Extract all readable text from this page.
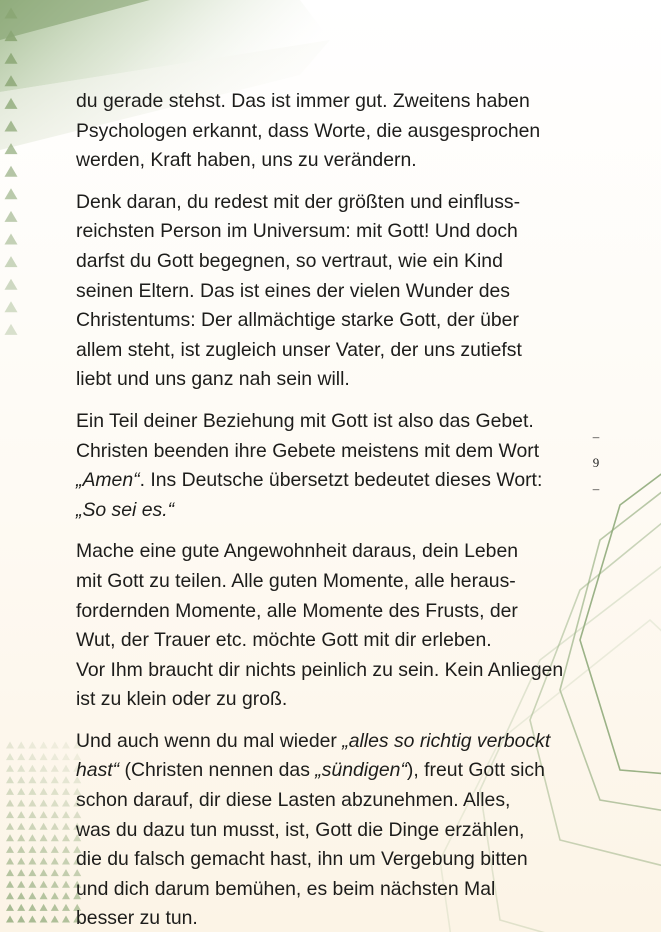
du gerade stehst. Das ist immer gut. Zweitens haben
Psychologen erkannt, dass Worte, die ausgesprochen
werden, Kraft haben, uns zu verändern.

Denk daran, du redest mit der größten und einfluss-
reichsten Person im Universum: mit Gott! Und doch
darfst du Gott begegnen, so vertraut, wie ein Kind
seinen Eltern. Das ist eines der vielen Wunder des
Christentums: Der allmächtige starke Gott, der über
allem steht, ist zugleich unser Vater, der uns zutiefst
liebt und uns ganz nah sein will.

Ein Teil deiner Beziehung mit Gott ist also das Gebet.
Christen beenden ihre Gebete meistens mit dem Wort
„Amen“. Ins Deutsche übersetzt bedeutet dieses Wort:
„So sei es.“

Mache eine gute Angewohnheit daraus, dein Leben
mit Gott zu teilen. Alle guten Momente, alle heraus-
fordernden Momente, alle Momente des Frusts, der
Wut, der Trauer etc. möchte Gott mit dir erleben.
Vor Ihm braucht dir nichts peinlich zu sein. Kein Anliegen
ist zu klein oder zu groß.

Und auch wenn du mal wieder „alles so richtig verbockt
hast“ (Christen nennen das „sündigen“), freut Gott sich
schon darauf, dir diese Lasten abzunehmen. Alles,
was du dazu tun musst, ist, Gott die Dinge erzählen,
die du falsch gemacht hast, ihn um Vergebung bitten
und dich darum bemühen, es beim nächsten Mal
besser zu tun.

–
9
–
